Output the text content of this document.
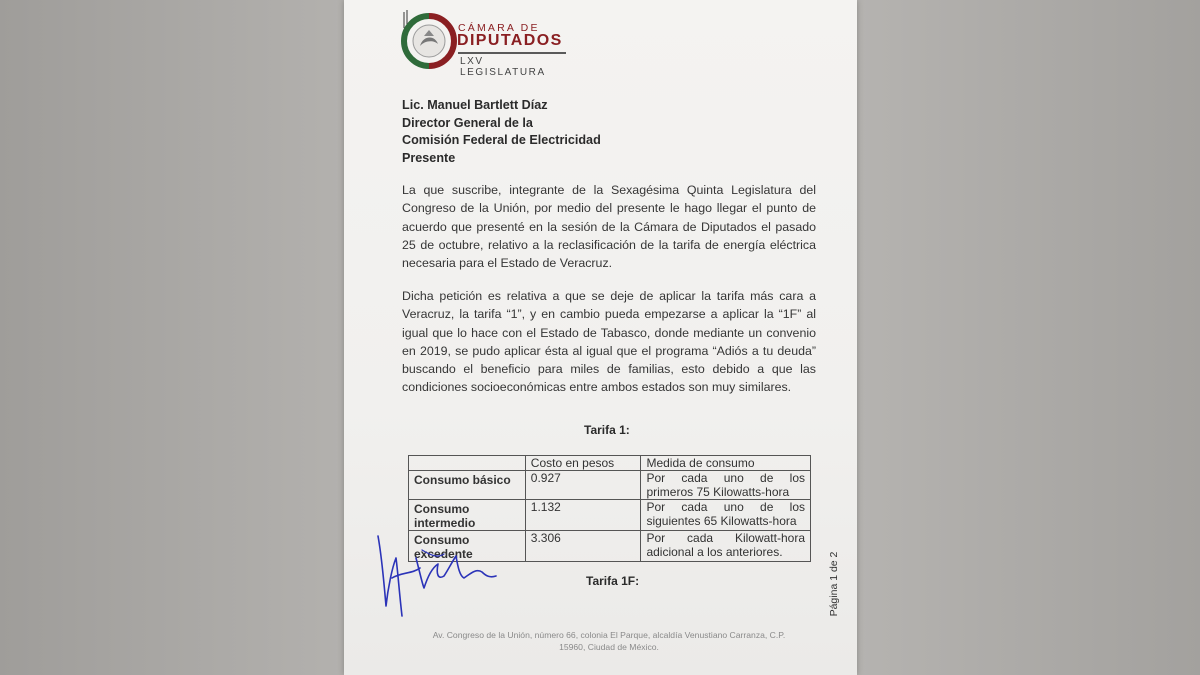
CÁMARA DE
DIPUTADOS
LXV LEGISLATURA
Lic. Manuel Bartlett Díaz
Director General de la
Comisión Federal de Electricidad
Presente

La que suscribe, integrante de la Sexagésima Quinta Legislatura del Congreso de la Unión, por medio del presente le hago llegar el punto de acuerdo que presenté en la sesión de la Cámara de Diputados el pasado 25 de octubre, relativo a la reclasificación de la tarifa de energía eléctrica necesaria para el Estado de Veracruz.

Dicha petición es relativa a que se deje de aplicar la tarifa más cara a Veracruz, la tarifa “1”, y en cambio pueda empezarse a aplicar la “1F” al igual que lo hace con el Estado de Tabasco, donde mediante un convenio en 2019, se pudo aplicar ésta al igual que el programa “Adiós a tu deuda” buscando el beneficio para miles de familias, esto debido a que las condiciones socioeconómicas entre ambos estados son muy similares.

Tarifa 1:
	Costo en pesos	Medida de consumo
Consumo básico	0.927	Por cada uno de los
primeros 75 Kilowatts-hora

Consumo intermedio	1.132	Por cada uno de los
siguientes 65 Kilowatts-hora

Consumo excedente	3.306	Por cada Kilowatt-hora
adicional a los anteriores.
Tarifa 1F:	Página 1 de 2
Av. Congreso de la Unión, número 66, colonia El Parque, alcaldía Venustiano Carranza, C.P.
15960, Ciudad de México.
